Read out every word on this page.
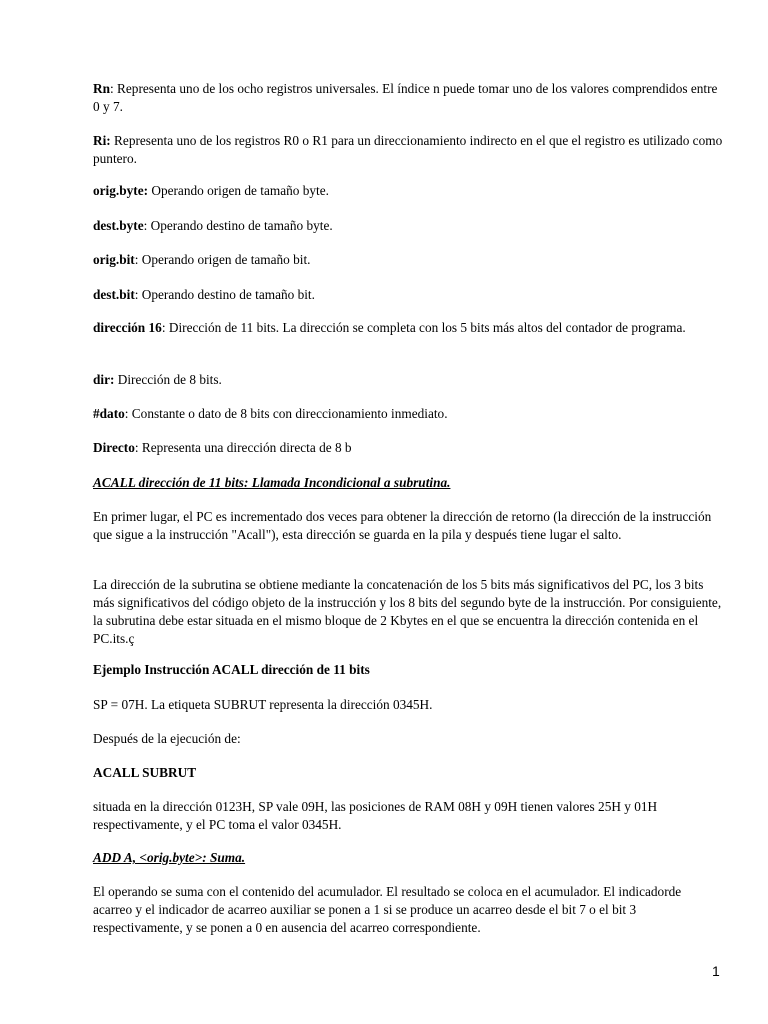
Rn: Representa uno de los ocho registros universales. El índice n puede tomar uno de los valores comprendidos entre 0 y 7.

Ri: Representa uno de los registros R0 o R1 para un direccionamiento indirecto en el que el registro es utilizado como puntero.

orig.byte: Operando origen de tamaño byte.

dest.byte: Operando destino de tamaño byte.

orig.bit: Operando origen de tamaño bit.

dest.bit: Operando destino de tamaño bit.

dirección 16: Dirección de 11 bits. La dirección se completa con los 5 bits más altos del contador de programa.

dir: Dirección de 8 bits.

#dato: Constante o dato de 8 bits con direccionamiento inmediato.

Directo: Representa una dirección directa de 8 b

ACALL dirección de 11 bits: Llamada Incondicional a subrutina.

En primer lugar, el PC es incrementado dos veces para obtener la dirección de retorno (la dirección de la instrucción que sigue a la instrucción "Acall"), esta dirección se guarda en la pila y después tiene lugar el salto.

La dirección de la subrutina se obtiene mediante la concatenación de los 5 bits más significativos del PC, los 3 bits más significativos del código objeto de la instrucción y los 8 bits del segundo byte de la instrucción. Por consiguiente, la subrutina debe estar situada en el mismo bloque de 2 Kbytes en el que se encuentra la dirección contenida en el PC.its.ç

Ejemplo Instrucción ACALL dirección de 11 bits

SP = 07H. La etiqueta SUBRUT representa la dirección 0345H.

Después de la ejecución de:

ACALL SUBRUT

situada en la dirección 0123H, SP vale 09H, las posiciones de RAM 08H y 09H tienen valores 25H y 01H respectivamente, y el PC toma el valor 0345H.

ADD A, <orig.byte>: Suma.

El operando se suma con el contenido del acumulador. El resultado se coloca en el acumulador. El indicadorde acarreo y el indicador de acarreo auxiliar se ponen a 1 si se produce un acarreo desde el bit 7 o el bit 3 respectivamente, y se ponen a 0 en ausencia del acarreo correspondiente.

1
